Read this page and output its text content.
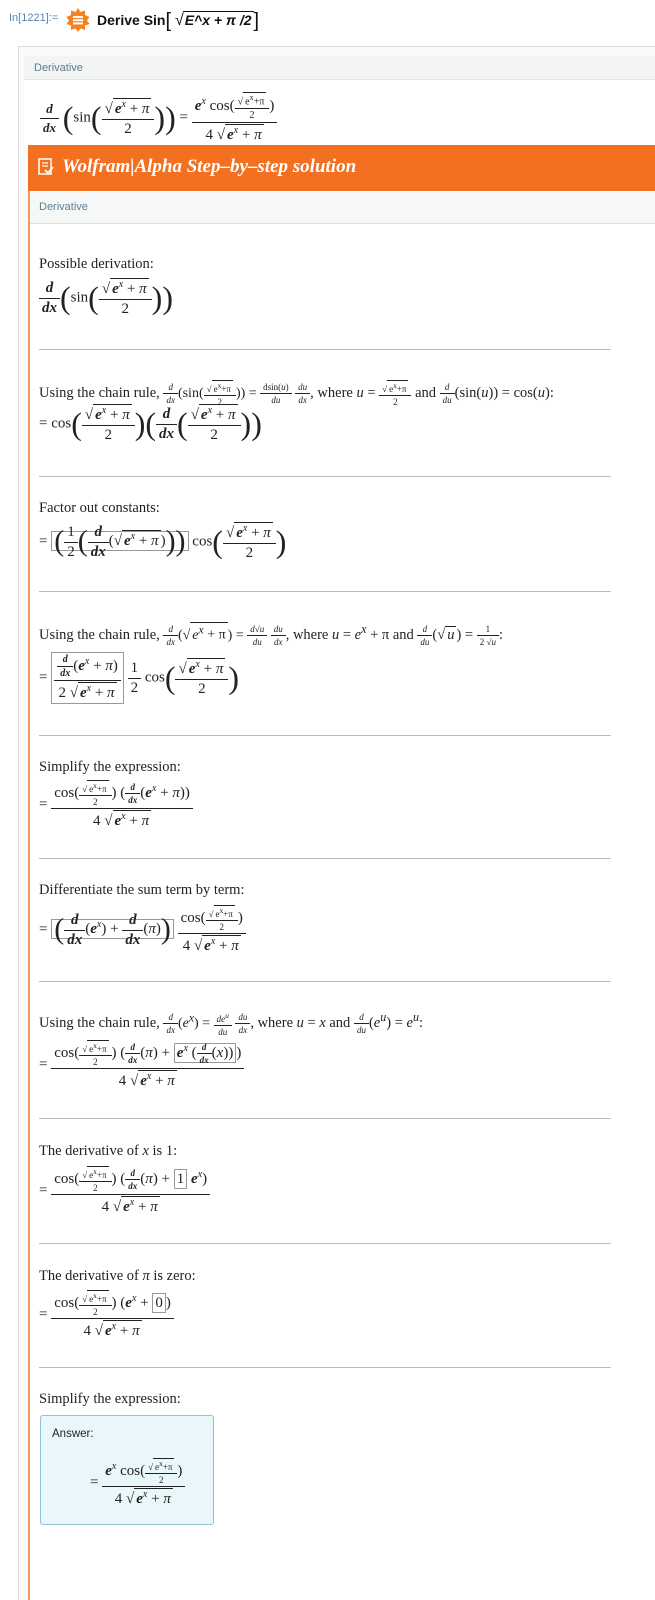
In[1221]:=	Derive Sin[ √E^x + π /2 ]
Derivative
$\frac{d}{dx} (\sin( \frac{√ e^x + \pi}{2}$ )) = $\frac{e^x \cos( \frac{√ e^x+\pi}{2} )}{4 √ e^x + \pi}$
Wolfram|Alpha Step–by–step solution
Derivative
Possible derivation:
$\frac{d}{dx} (\sin( \frac{√ e^x + \pi}{2}$ ))
Using the chain rule, $\frac{d}{dx} (\sin( \frac{√ e^x+\pi}{2}$ )) = $\frac{dsin(u)}{du}$
$\frac{du}{dx}$ , where $u = \frac{√ e^x+\pi}{2}$ and $\frac{d}{du} (\sin(u)) = \cos(u)$:
= $\cos( \frac{√ e^x + \pi}{2}$ )( $\frac{d}{dx}$ ( $\frac{√ e^x + \pi}{2}$ ))
Factor out constants:
= ( $\frac{1}{2}$ ( $\frac{d}{dx}$ (√ $e^x + \pi$ ))) $\cos( \frac{√ e^x + \pi}{2}$ )
Using the chain rule, $\frac{d}{dx}$ (√ $e^x + \pi$ ) = $\frac{d√u}{du}$
$\frac{du}{dx}$ , where $u = e^x + \pi$ and $\frac{d}{du}$ (√ u ) = $\frac{1}{2 √u}$ :
= $\frac{\frac{d}{dx} (e^x + \pi)}{2 √ e^x + \pi}$
$\frac{1}{2} \cos( \frac{√ e^x + \pi}{2}$ )
Simplify the expression:
= $\frac{\cos( \frac{√ e^x+\pi}{2} ) ( \frac{d}{dx} (e^x + \pi))}{4 √ e^x + \pi}$
Differentiate the sum term by term:
= ( $\frac{d}{dx} (e^x) + \frac{d}{dx} (\pi)) \frac{\cos( \frac{√ e^x+\pi}{2} )}{4 √ e^x + \pi}$
Using the chain rule, $\frac{d}{dx} (e^x) = \frac{de^u}{du}$
$\frac{du}{dx}$ , where u = x and $\frac{d}{du} (e^u) = e^u$:
= $\frac{\cos( \frac{√ e^x+\pi}{2} ) ( \frac{d}{dx} (\pi) + e^x ( \frac{d}{dx} (x)) )}{4 √ e^x + \pi}$
The derivative of x is 1:
= $\frac{\cos( \frac{√ e^x+\pi}{2} ) ( \frac{d}{dx} (\pi) + 1 e^x)}{4 √ e^x + \pi}$
The derivative of π is zero:
= $\frac{\cos( \frac{√ e^x+\pi}{2} ) (e^x + 0 )}{4 √ e^x + \pi}$
Simplify the expression:
Answer:
= $\frac{e^x \cos( \frac{√ e^x+\pi}{2} )}{4 √ e^x + \pi}$
